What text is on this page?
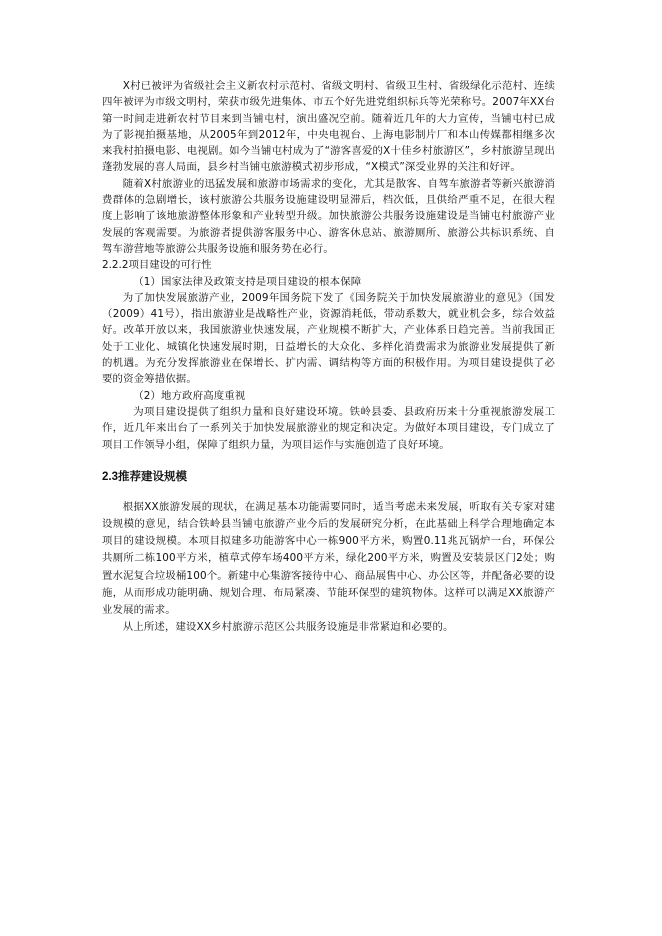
X村已被评为省级社会主义新农村示范村、省级文明村、省级卫生村、省级绿化示范村、连续四年被评为市级文明村，荣获市级先进集体、市五个好先进党组织标兵等光荣称号。2007年XX台第一时间走进新农村节目来到当铺屯村，演出盛况空前。随着近几年的大力宣传，当铺屯村已成为了影视拍摄基地，从2005年到2012年，中央电视台、上海电影制片厂和本山传媒都相继多次来我村拍摄电影、电视剧。如今当铺屯村成为了“游客喜爱的X十佳乡村旅游区”，乡村旅游呈现出蓬勃发展的喜人局面，县乡村当铺屯旅游模式初步形成，“X模式”深受业界的关注和好评。

随着X村旅游业的迅猛发展和旅游市场需求的变化，尤其是散客、自驾车旅游者等新兴旅游消费群体的急剧增长，该村旅游公共服务设施建设明显滞后，档次低，且供给严重不足，在很大程度上影响了该地旅游整体形象和产业转型升级。加快旅游公共服务设施建设是当铺屯村旅游产业发展的客观需要。为旅游者提供游客服务中心、游客休息站、旅游厕所、旅游公共标识系统、自驾车游营地等旅游公共服务设施和服务势在必行。

2.2.2项目建设的可行性

（1）国家法律及政策支持是项目建设的根本保障

为了加快发展旅游产业，2009年国务院下发了《国务院关于加快发展旅游业的意见》（国发（2009）41号），指出旅游业是战略性产业，资源消耗低，带动系数大，就业机会多，综合效益好。改革开放以来，我国旅游业快速发展，产业规模不断扩大，产业体系日趋完善。当前我国正处于工业化、城镇化快速发展时期，日益增长的大众化、多样化消费需求为旅游业发展提供了新的机遇。为充分发挥旅游业在保增长、扩内需、调结构等方面的积极作用。为项目建设提供了必要的资金筹措依据。

（2）地方政府高度重视

为项目建设提供了组织力量和良好建设环境。铁岭县委、县政府历来十分重视旅游发展工作，近几年来出台了一系列关于加快发展旅游业的规定和决定。为做好本项目建设，专门成立了项目工作领导小组，保障了组织力量，为项目运作与实施创造了良好环境。

2.3推荐建设规模

根据XX旅游发展的现状，在满足基本功能需要同时，适当考虑未来发展，听取有关专家对建设规模的意见，结合铁岭县当铺屯旅游产业今后的发展研究分析，在此基础上科学合理地确定本项目的建设规模。本项目拟建多功能游客中心一栋900平方米，购置0.11兆瓦锅炉一台，环保公共厕所二栋100平方米，植草式停车场400平方米，绿化200平方米，购置及安装景区门2处；购置水泥复合垃圾桶100个。新建中心集游客接待中心、商品展售中心、办公区等，并配备必要的设施，从而形成功能明确、规划合理、布局紧凑、节能环保型的建筑物体。这样可以满足XX旅游产业发展的需求。

从上所述，建设XX乡村旅游示范区公共服务设施是非常紧迫和必要的。
